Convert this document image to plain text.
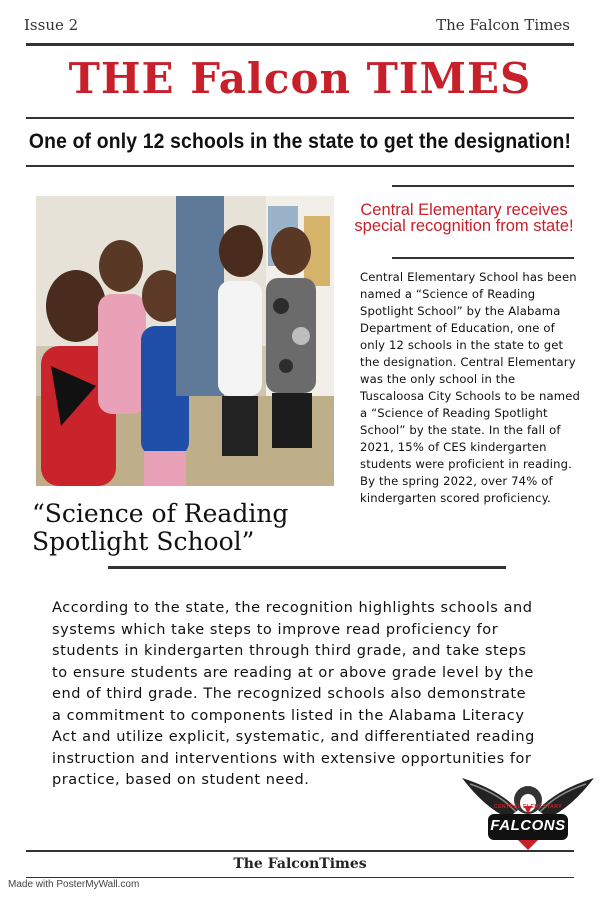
Issue 2	The Falcon Times
THE Falcon TIMES
One of only 12 schools in the state to get the designation!
“Science of Reading Spotlight School”
Central Elementary receives special recognition from state!
Central Elementary School has been named a “Science of Reading Spotlight School” by the Alabama Department of Education, one of only 12 schools in the state to get the designation. Central Elementary was the only school in the Tuscaloosa City Schools to be named a “Science of Reading Spotlight School” by the state. In the fall of 2021, 15% of CES kindergarten students were proficient in reading. By the spring 2022, over 74% of kindergarten scored proficiency.
According to the state, the recognition highlights schools and systems which take steps to improve read proficiency for students in kindergarten through third grade, and take steps to ensure students are reading at or above grade level by the end of third grade. The recognized schools also demonstrate a commitment to components listed in the Alabama Literacy Act and utilize explicit, systematic, and differentiated reading instruction and interventions with extensive opportunities for practice, based on student need.
CENTRAL ELEMENTARY
FALCONS
The FalconTimes
Made with PosterMyWall.com
